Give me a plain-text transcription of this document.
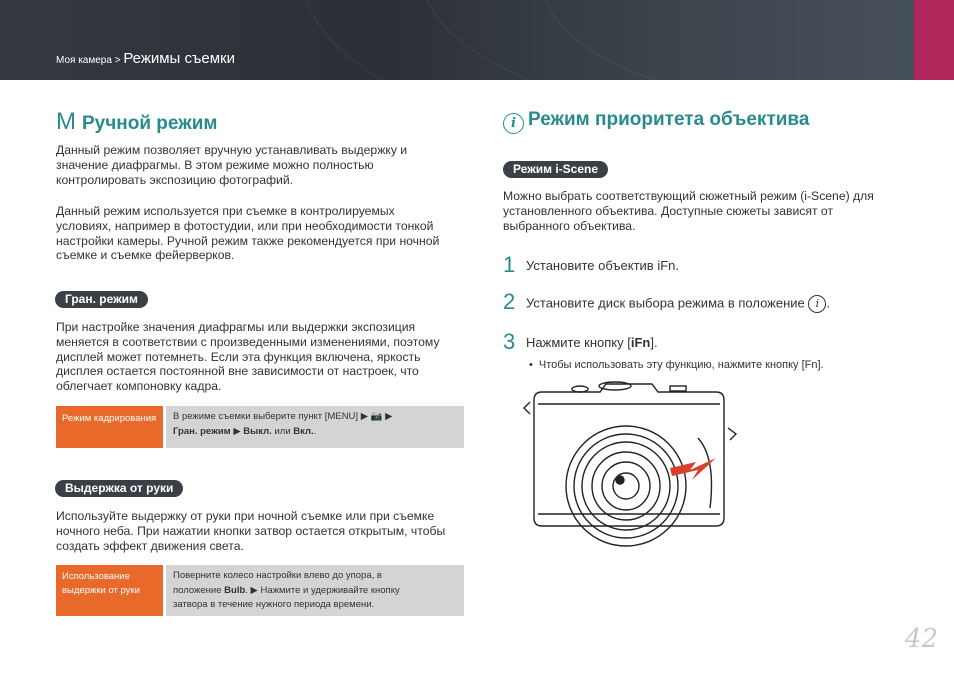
Моя камера > Режимы съемки
M Ручной режим

Данный режим позволяет вручную устанавливать выдержку и значение диафрагмы. В этом режиме можно полностью контролировать экспозицию фотографий.

Данный режим используется при съемке в контролируемых условиях, например в фотостудии, или при необходимости тонкой настройки камеры. Ручной режим также рекомендуется при ночной съемке и съемке фейерверков.

Гран. режим

При настройке значения диафрагмы или выдержки экспозиция меняется в соответствии с произведенными изменениями, поэтому дисплей может потемнеть. Если эта функция включена, яркость дисплея остается постоянной вне зависимости от настроек, что облегчает компоновку кадра.

Режим кадрирования	В режиме съемки выберите пункт [MENU] ▶ 📷 ▶
Гран. режим ▶ Выкл. или Вкл..
Выдержка от руки

Используйте выдержку от руки при ночной съемке или при съемке ночного неба. При нажатии кнопки затвор остается открытым, чтобы создать эффект движения света.

Использование выдержки от руки
Поверните колесо настройки влево до упора, в
положение Bulb. ▶ Нажмите и удерживайте кнопку
затвора в течение нужного периода времени.
i Режим приоритета объектива
Режим i-Scene

Можно выбрать соответствующий сюжетный режим (i-Scene) для установленного объектива. Доступные сюжеты зависят от выбранного объектива.

1 Установите объектив iFn.
2 Установите диск выбора режима в положение i .
3 Нажмите кнопку [iFn].
• Чтобы использовать эту функцию, нажмите кнопку [Fn].
42
